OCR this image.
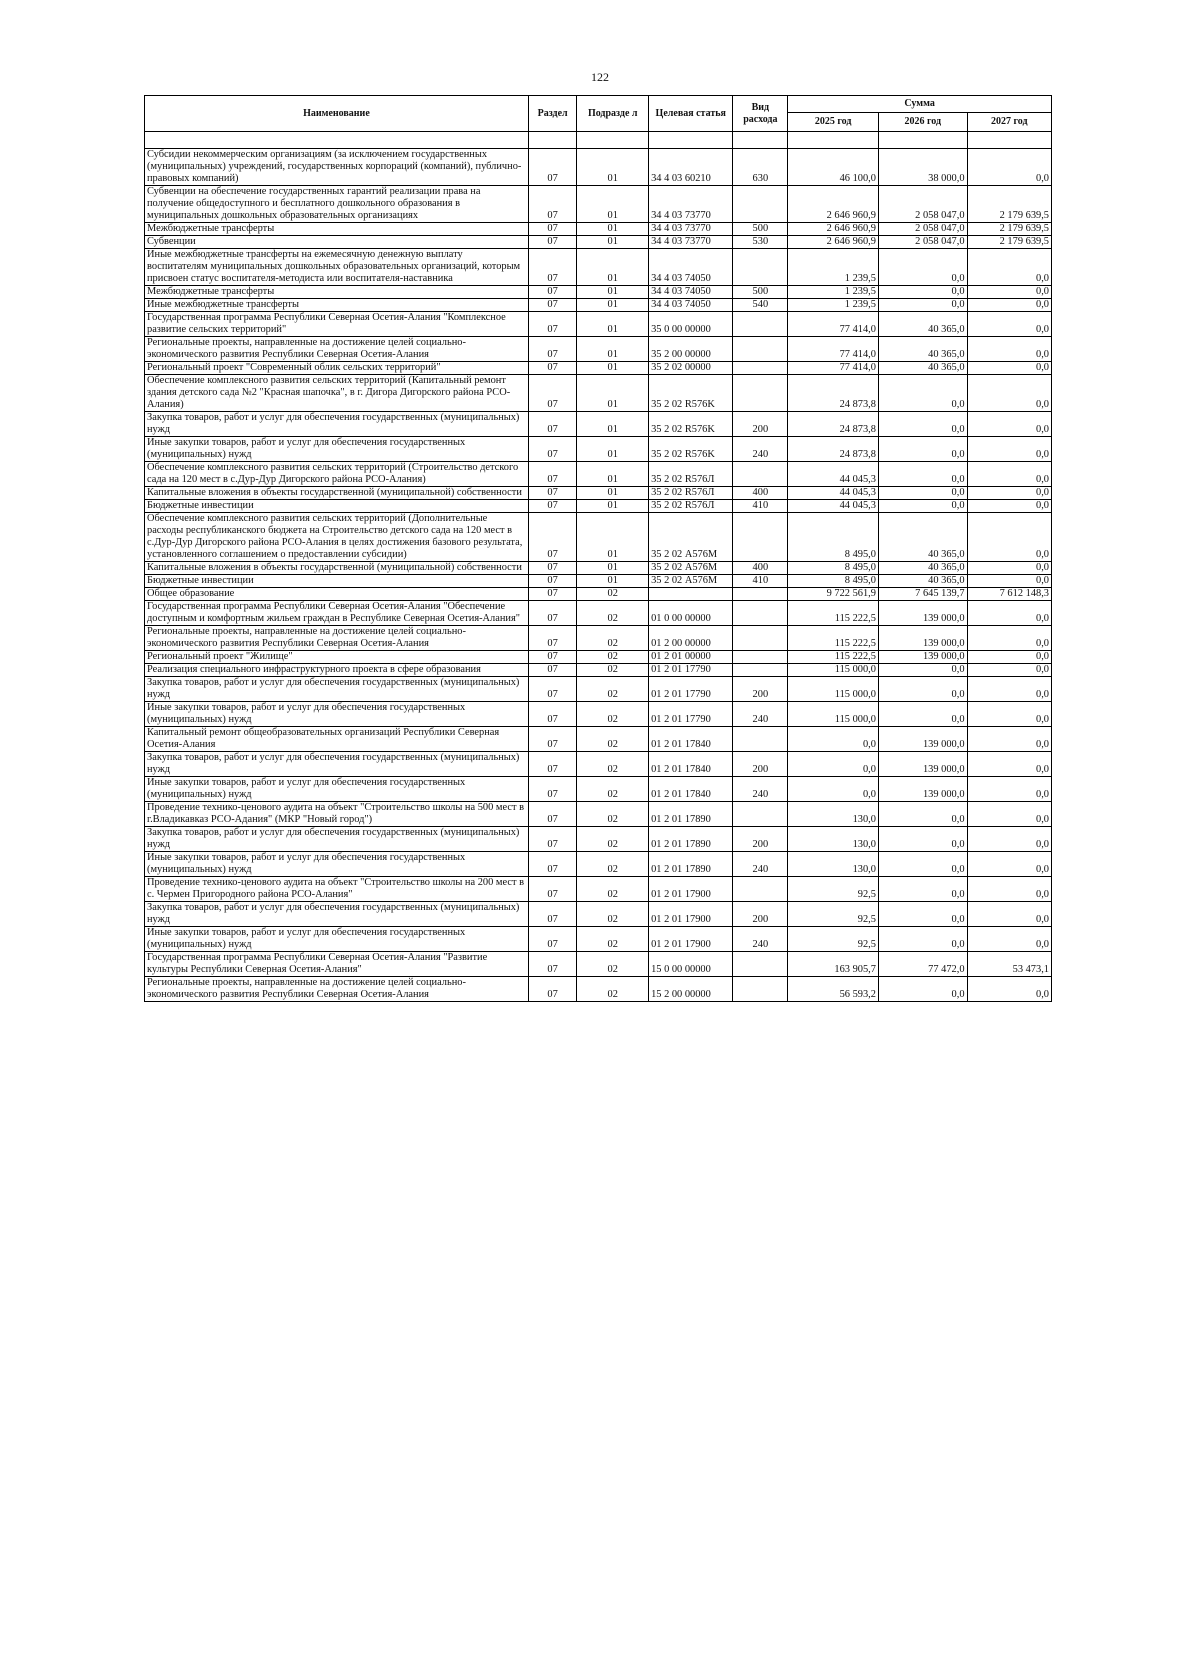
122
Наименование	Раздел	Подразде л	Целевая статья	Вид расхода	Сумма		
					2025 год	2026 год	2027 год

Субсидии некоммерческим организациям (за исключением государственных (муниципальных) учреждений, государственных корпораций (компаний), публично-правовых компаний)	07	01	34 4 03 60210	630	46 100,0	38 000,0	0,0
Субвенции на обеспечение государственных гарантий реализации права на получение общедоступного и бесплатного дошкольного образования в муниципальных дошкольных образовательных организациях	07	01	34 4 03 73770		2 646 960,9	2 058 047,0	2 179 639,5
Межбюджетные трансферты	07	01	34 4 03 73770	500	2 646 960,9	2 058 047,0	2 179 639,5
Субвенции	07	01	34 4 03 73770	530	2 646 960,9	2 058 047,0	2 179 639,5
Иные межбюджетные трансферты на ежемесячную денежную выплату воспитателям муниципальных дошкольных образовательных организаций, которым присвоен статус воспитателя-методиста или воспитателя-наставника	07	01	34 4 03 74050		1 239,5	0,0	0,0
Межбюджетные трансферты	07	01	34 4 03 74050	500	1 239,5	0,0	0,0
Иные межбюджетные трансферты	07	01	34 4 03 74050	540	1 239,5	0,0	0,0
Государственная программа Республики Северная Осетия-Алания "Комплексное развитие сельских территорий"	07	01	35 0 00 00000		77 414,0	40 365,0	0,0
Региональные проекты, направленные на достижение целей социально-экономического развития Республики Северная Осетия-Алания	07	01	35 2 00 00000		77 414,0	40 365,0	0,0
Региональный проект "Современный облик сельских территорий"	07	01	35 2 02 00000		77 414,0	40 365,0	0,0
Обеспечение комплексного развития сельских территорий (Капитальный ремонт здания детского сада №2 "Красная шапочка", в г. Дигора Дигорского района РСО-Алания)	07	01	35 2 02 R576K		24 873,8	0,0	0,0
Закупка товаров, работ и услуг для обеспечения государственных (муниципальных) нужд	07	01	35 2 02 R576K	200	24 873,8	0,0	0,0
Иные закупки товаров, работ и услуг для обеспечения государственных (муниципальных) нужд	07	01	35 2 02 R576K	240	24 873,8	0,0	0,0
Обеспечение комплексного развития сельских территорий (Строительство детского сада на 120 мест в с.Дур-Дур Дигорского района РСО-Алания)	07	01	35 2 02 R576Л		44 045,3	0,0	0,0
Капитальные вложения в объекты государственной (муниципальной) собственности	07	01	35 2 02 R576Л	400	44 045,3	0,0	0,0
Бюджетные инвестиции	07	01	35 2 02 R576Л	410	44 045,3	0,0	0,0
Обеспечение комплексного развития сельских территорий (Дополнительные расходы республиканского бюджета на Строительство детского сада на 120 мест в с.Дур-Дур Дигорского района РСО-Алания в целях достижения базового результата, установленного соглашением о предоставлении субсидии)	07	01	35 2 02 А576М		8 495,0	40 365,0	0,0
Капитальные вложения в объекты государственной (муниципальной) собственности	07	01	35 2 02 А576М	400	8 495,0	40 365,0	0,0
Бюджетные инвестиции	07	01	35 2 02 А576М	410	8 495,0	40 365,0	0,0
Общее образование	07	02			9 722 561,9	7 645 139,7	7 612 148,3
Государственная программа Республики Северная Осетия-Алания "Обеспечение доступным и комфортным жильем граждан в Республике Северная Осетия-Алания"	07	02	01 0 00 00000		115 222,5	139 000,0	0,0
Региональные проекты, направленные на достижение целей социально-экономического развития Республики Северная Осетия-Алания	07	02	01 2 00 00000		115 222,5	139 000,0	0,0
Региональный проект "Жилище"	07	02	01 2 01 00000		115 222,5	139 000,0	0,0
Реализация специального инфраструктурного проекта в сфере образования	07	02	01 2 01 17790		115 000,0	0,0	0,0
Закупка товаров, работ и услуг для обеспечения государственных (муниципальных) нужд	07	02	01 2 01 17790	200	115 000,0	0,0	0,0
Иные закупки товаров, работ и услуг для обеспечения государственных (муниципальных) нужд	07	02	01 2 01 17790	240	115 000,0	0,0	0,0
Капитальный ремонт общеобразовательных организаций Республики Северная Осетия-Алания	07	02	01 2 01 17840		0,0	139 000,0	0,0
Закупка товаров, работ и услуг для обеспечения государственных (муниципальных) нужд	07	02	01 2 01 17840	200	0,0	139 000,0	0,0
Иные закупки товаров, работ и услуг для обеспечения государственных (муниципальных) нужд	07	02	01 2 01 17840	240	0,0	139 000,0	0,0
Проведение технико-ценового аудита на объект "Строительство школы на 500 мест в г.Владикавказ РСО-Адания" (МКР "Новый город")	07	02	01 2 01 17890		130,0	0,0	0,0
Закупка товаров, работ и услуг для обеспечения государственных (муниципальных) нужд	07	02	01 2 01 17890	200	130,0	0,0	0,0
Иные закупки товаров, работ и услуг для обеспечения государственных (муниципальных) нужд	07	02	01 2 01 17890	240	130,0	0,0	0,0
Проведение технико-ценового аудита на объект "Строительство школы на 200 мест в с. Чермен Пригородного района РСО-Алания"	07	02	01 2 01 17900		92,5	0,0	0,0
Закупка товаров, работ и услуг для обеспечения государственных (муниципальных) нужд	07	02	01 2 01 17900	200	92,5	0,0	0,0
Иные закупки товаров, работ и услуг для обеспечения государственных (муниципальных) нужд	07	02	01 2 01 17900	240	92,5	0,0	0,0
Государственная программа Республики Северная Осетия-Алания "Развитие культуры Республики Северная Осетия-Алания"	07	02	15 0 00 00000		163 905,7	77 472,0	53 473,1
Региональные проекты, направленные на достижение целей социально-экономического развития Республики Северная Осетия-Алания	07	02	15 2 00 00000		56 593,2	0,0	0,0
